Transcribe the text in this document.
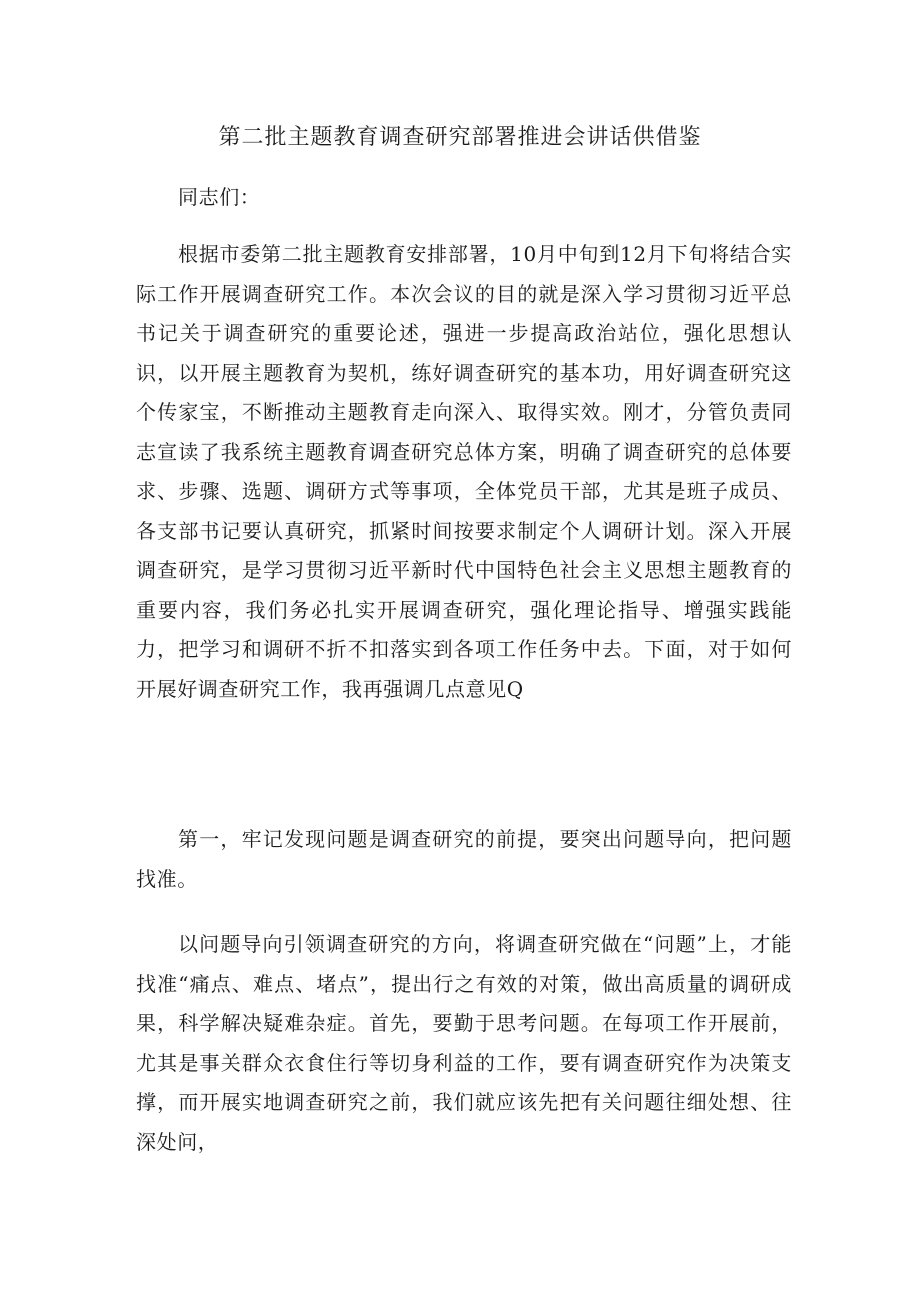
第二批主题教育调查研究部署推进会讲话供借鉴

同志们：

根据市委第二批主题教育安排部署，10月中旬到12月下旬将结合实际工作开展调查研究工作。本次会议的目的就是深入学习贯彻习近平总书记关于调查研究的重要论述，强进一步提高政治站位，强化思想认识，以开展主题教育为契机，练好调查研究的基本功，用好调查研究这个传家宝，不断推动主题教育走向深入、取得实效。刚才，分管负责同志宣读了我系统主题教育调查研究总体方案，明确了调查研究的总体要求、步骤、选题、调研方式等事项，全体党员干部，尤其是班子成员、各支部书记要认真研究，抓紧时间按要求制定个人调研计划。深入开展调查研究，是学习贯彻习近平新时代中国特色社会主义思想主题教育的重要内容，我们务必扎实开展调查研究，强化理论指导、增强实践能力，把学习和调研不折不扣落实到各项工作任务中去。下面，对于如何开展好调查研究工作，我再强调几点意见Q

第一，牢记发现问题是调查研究的前提，要突出问题导向，把问题找准。

以问题导向引领调查研究的方向，将调查研究做在“问题”上，才能找准“痛点、难点、堵点”，提出行之有效的对策，做出高质量的调研成果，科学解决疑难杂症。首先，要勤于思考问题。在每项工作开展前，尤其是事关群众衣食住行等切身利益的工作，要有调查研究作为决策支撑，而开展实地调查研究之前，我们就应该先把有关问题往细处想、往深处问，
